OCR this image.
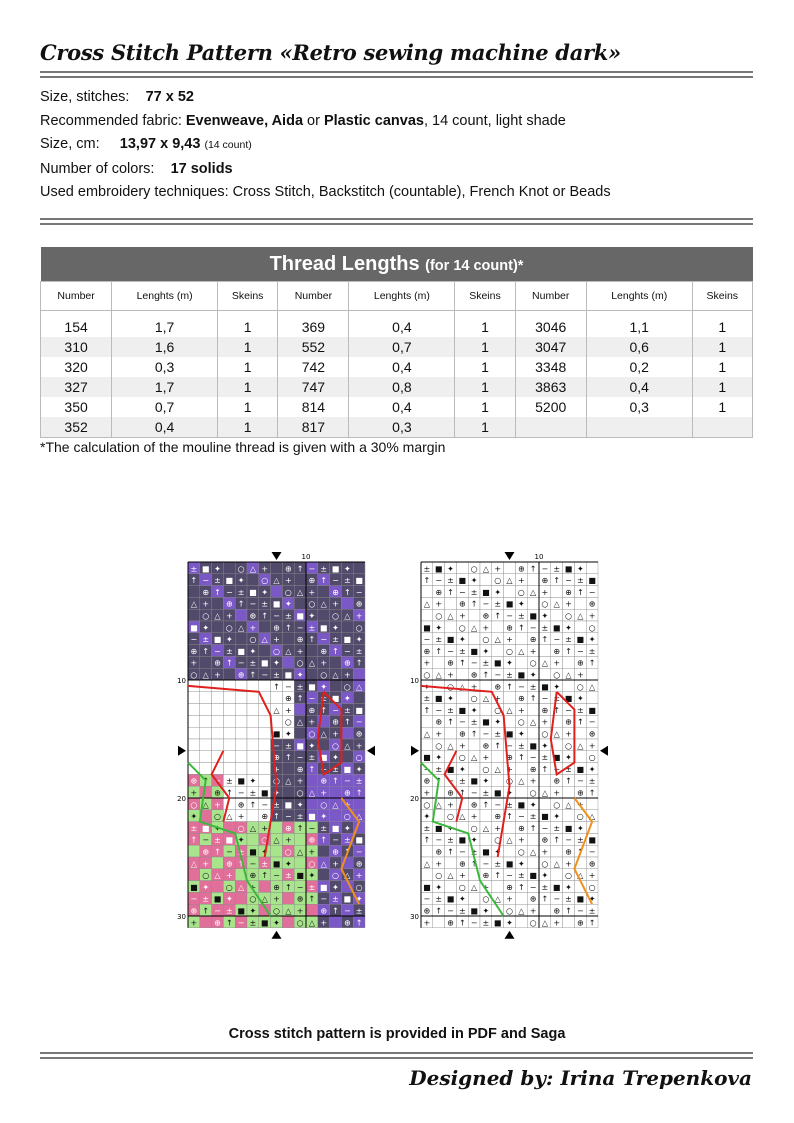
Cross Stitch Pattern «Retro sewing machine dark»
Size, stitches: 77 x 52
Recommended fabric: Evenweave, Aida or Plastic canvas, 14 count, light shade
Size, cm: 13,97 x 9,43 (14 count)
Number of colors: 17 solids
Used embroidery techniques: Cross Stitch, Backstitch (countable), French Knot or Beads
Thread Lengths (for 14 count)*								
Number	Lenghts (m)	Skeins	Number	Lenghts (m)	Skeins	Number	Lenghts (m)	Skeins
154	1,7	1	369	0,4	1	3046	1,1	1
310	1,6	1	552	0,7	1	3047	0,6	1
320	0,3	1	742	0,4	1	3348	0,2	1
327	1,7	1	747	0,8	1	3863	0,4	1
350	0,7	1	814	0,4	1	5200	0,3	1
352	0,4	1	817	0,3	1			
*The calculation of the mouline thread is given with a 30% margin
± ■ ✦ ○ △ + ⊕ ↑ − ± ■ ✦
↑ − ± ■ ✦ ○ △ + ⊕ ↑ − ± ■
⊕ ↑ − ± ■ ✦ ○ △ + ⊕ ↑ −
△ + ⊕ ↑ − ± ■ ✦ ○ △ + ⊕
○ △ + ⊕ ↑ − ± ■ ✦ ○ △ +
■ ✦ ○ △ + ⊕ ↑ − ± ■ ✦ ○
− ± ■ ✦ ○ △ + ⊕ ↑ − ± ■ ✦
⊕ ↑ − ± ■ ✦ ○ △ + ⊕ ↑ − ±
+ ⊕ ↑ − ± ■ ✦ ○ △ + ⊕ ↑
○ △ + ⊕ ↑ − ± ■ ✦ ○ △ +
↑ − ± ■ ✦ ○ △
⊕ ↑ − ± ■ ✦
△ + ⊕ ↑ − ± ■
○ △ + ⊕ ↑ −
■ ✦ ○ △ + ⊕
− ± ■ ✦ ○ △ +
⊕ ↑ − ± ■ ✦ ○
+ ⊕ ↑ − ± ■ ✦
⊕ ↑ − ± ■ ✦ ○ △ + ⊕ ↑ − ±
+ ⊕ ↑ − ± ■ ✦ ○ △ + ⊕ ↑
○ △ + ⊕ ↑ − ± ■ ✦ ○ △ +
✦ ○ △ + ⊕ ↑ − ± ■ ✦ ○ △
± ■ ✦ ○ △ + ⊕ ↑ − ± ■ ✦
↑ − ± ■ ✦ ○ △ + ⊕ ↑ − ± ■
⊕ ↑ − ± ■ ✦ ○ △ + ⊕ ↑ −
△ + ⊕ ↑ − ± ■ ✦ ○ △ + ⊕
○ △ + ⊕ ↑ − ± ■ ✦ ○ △ +
■ ✦ ○ △ + ⊕ ↑ − ± ■ ✦ ○
− ± ■ ✦ ○ △ + ⊕ ↑ − ± ■ ✦
⊕ ↑ − ± ■ ✦ ○ △ + ⊕ ↑ − ±
+ ⊕ ↑ − ± ■ ✦ ○ △ + ⊕ ↑
10
10
20
30
± ■ ✦ ○ △ + ⊕ ↑ − ± ■ ✦
↑ − ± ■ ✦ ○ △ + ⊕ ↑ − ± ■
⊕ ↑ − ± ■ ✦ ○ △ + ⊕ ↑ −
△ + ⊕ ↑ − ± ■ ✦ ○ △ + ⊕
○ △ + ⊕ ↑ − ± ■ ✦ ○ △ +
■ ✦ ○ △ + ⊕ ↑ − ± ■ ✦ ○
− ± ■ ✦ ○ △ + ⊕ ↑ − ± ■ ✦
⊕ ↑ − ± ■ ✦ ○ △ + ⊕ ↑ − ±
+ ⊕ ↑ − ± ■ ✦ ○ △ + ⊕ ↑
○ △ + ⊕ ↑ − ± ■ ✦ ○ △ +
✦ ○ △ + ⊕ ↑ − ± ■ ✦ ○ △
± ■ ✦ ○ △ + ⊕ ↑ − ± ■ ✦
↑ − ± ■ ✦ ○ △ + ⊕ ↑ − ± ■
⊕ ↑ − ± ■ ✦ ○ △ + ⊕ ↑ −
△ + ⊕ ↑ − ± ■ ✦ ○ △ + ⊕
○ △ + ⊕ ↑ − ± ■ ✦ ○ △ +
■ ✦ ○ △ + ⊕ ↑ − ± ■ ✦ ○
− ± ■ ✦ ○ △ + ⊕ ↑ − ± ■ ✦
⊕ ↑ − ± ■ ✦ ○ △ + ⊕ ↑ − ±
+ ⊕ ↑ − ± ■ ✦ ○ △ + ⊕ ↑
○ △ + ⊕ ↑ − ± ■ ✦ ○ △ +
✦ ○ △ + ⊕ ↑ − ± ■ ✦ ○ △
± ■ ✦ ○ △ + ⊕ ↑ − ± ■ ✦
↑ − ± ■ ✦ ○ △ + ⊕ ↑ − ± ■
⊕ ↑ − ± ■ ✦ ○ △ + ⊕ ↑ −
△ + ⊕ ↑ − ± ■ ✦ ○ △ + ⊕
○ △ + ⊕ ↑ − ± ■ ✦ ○ △ +
■ ✦ ○ △ + ⊕ ↑ − ± ■ ✦ ○
− ± ■ ✦ ○ △ + ⊕ ↑ − ± ■ ✦
⊕ ↑ − ± ■ ✦ ○ △ + ⊕ ↑ − ±
+ ⊕ ↑ − ± ■ ✦ ○ △ + ⊕ ↑
10
10
20
30
Cross stitch pattern is provided in PDF and Saga
Designed by: Irina Trepenkova
